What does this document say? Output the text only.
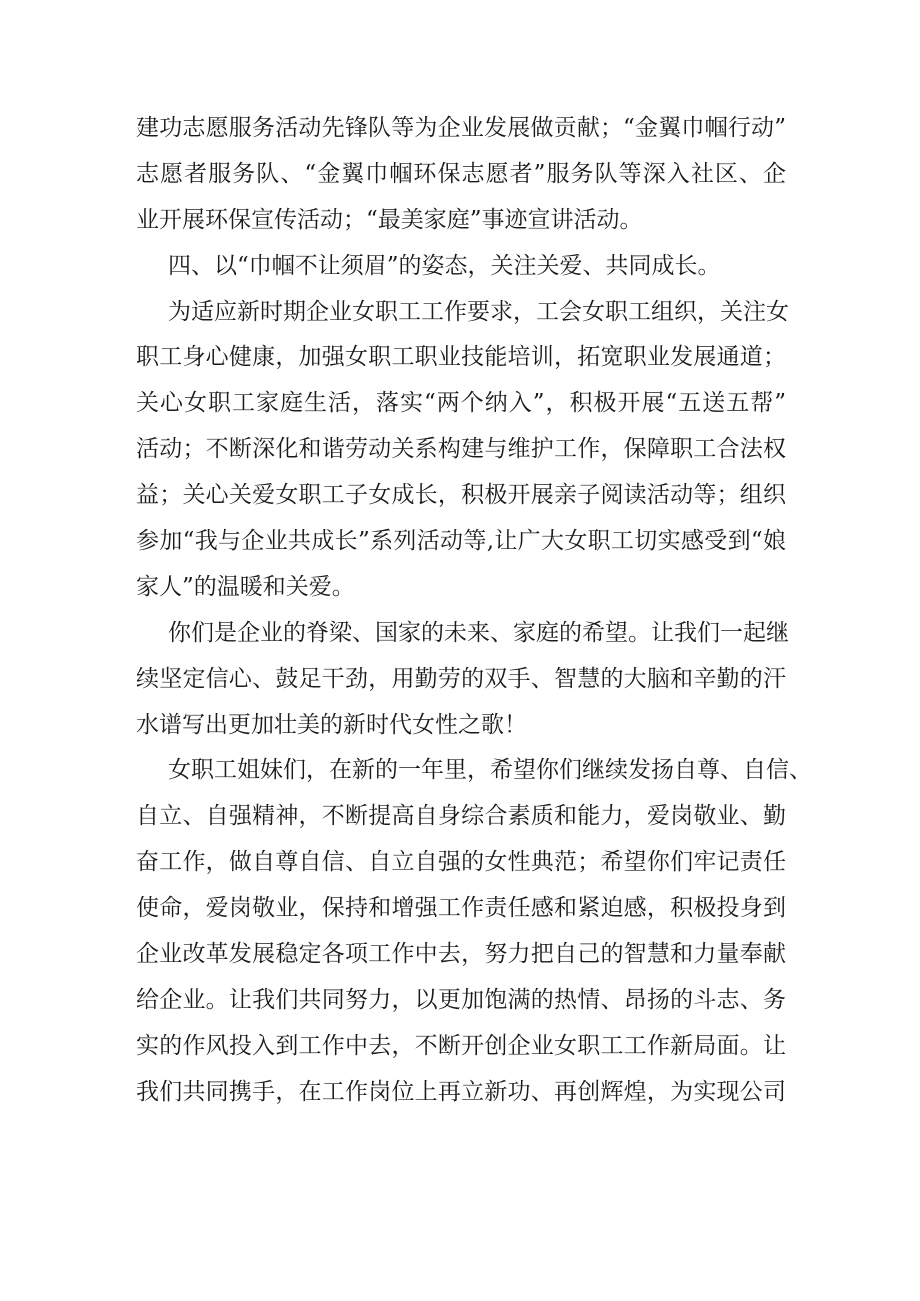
建功志愿服务活动先锋队等为企业发展做贡献；“金翼巾帼行动”
志愿者服务队、“金翼巾帼环保志愿者”服务队等深入社区、企
业开展环保宣传活动；“最美家庭”事迹宣讲活动。
四、以“巾帼不让须眉”的姿态，关注关爱、共同成长。
为适应新时期企业女职工工作要求，工会女职工组织，关注女
职工身心健康，加强女职工职业技能培训，拓宽职业发展通道；
关心女职工家庭生活，落实“两个纳入”，积极开展“五送五帮”
活动；不断深化和谐劳动关系构建与维护工作，保障职工合法权
益；关心关爱女职工子女成长，积极开展亲子阅读活动等；组织
参加“我与企业共成长”系列活动等,让广大女职工切实感受到“娘
家人”的温暖和关爱。
你们是企业的脊梁、国家的未来、家庭的希望。让我们一起继
续坚定信心、鼓足干劲，用勤劳的双手、智慧的大脑和辛勤的汗
水谱写出更加壮美的新时代女性之歌！
女职工姐妹们，在新的一年里，希望你们继续发扬自尊、自信、
自立、自强精神，不断提高自身综合素质和能力，爱岗敬业、勤
奋工作，做自尊自信、自立自强的女性典范；希望你们牢记责任
使命，爱岗敬业，保持和增强工作责任感和紧迫感，积极投身到
企业改革发展稳定各项工作中去，努力把自己的智慧和力量奉献
给企业。让我们共同努力，以更加饱满的热情、昂扬的斗志、务
实的作风投入到工作中去，不断开创企业女职工工作新局面。让
我们共同携手，在工作岗位上再立新功、再创辉煌，为实现公司
